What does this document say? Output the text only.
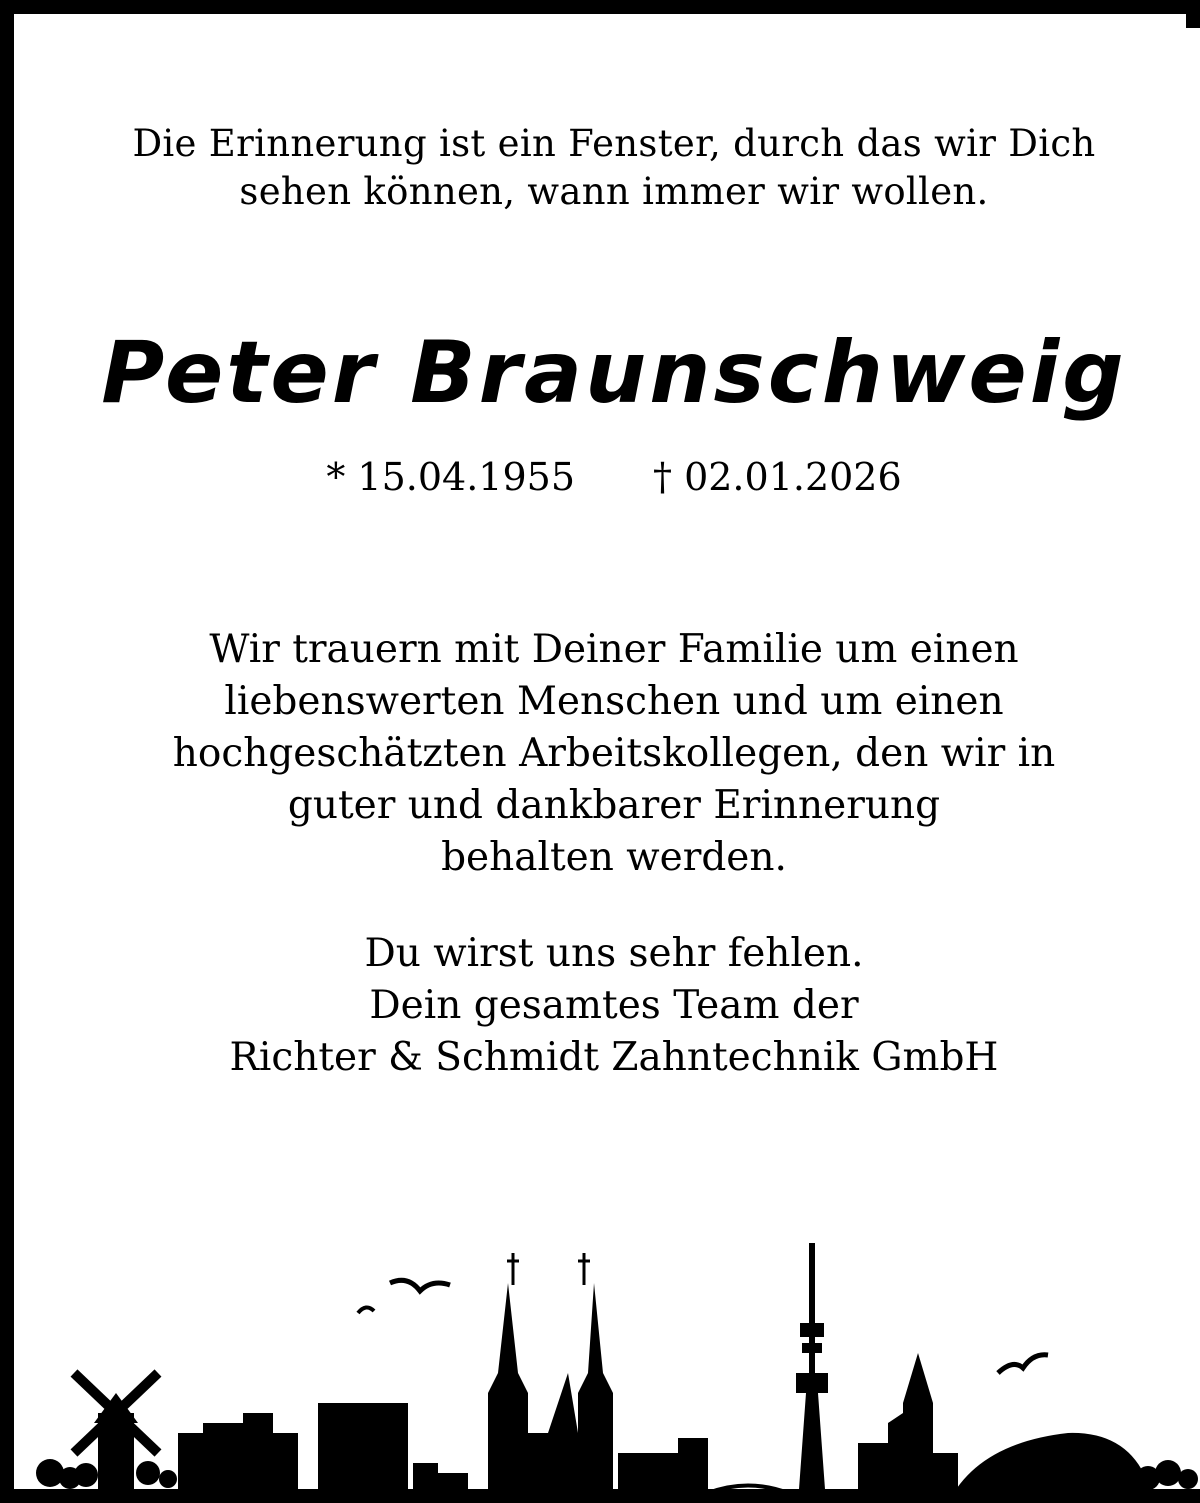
Die Erinnerung ist ein Fenster, durch das wir Dich
sehen können, wann immer wir wollen.
Peter Braunschweig
* 15.04.1955 † 02.01.2026
Wir trauern mit Deiner Familie um einen
liebenswerten Menschen und um einen
hochgeschätzten Arbeitskollegen, den wir in
guter und dankbarer Erinnerung
behalten werden.
Du wirst uns sehr fehlen.
Dein gesamtes Team der
Richter & Schmidt Zahntechnik GmbH
